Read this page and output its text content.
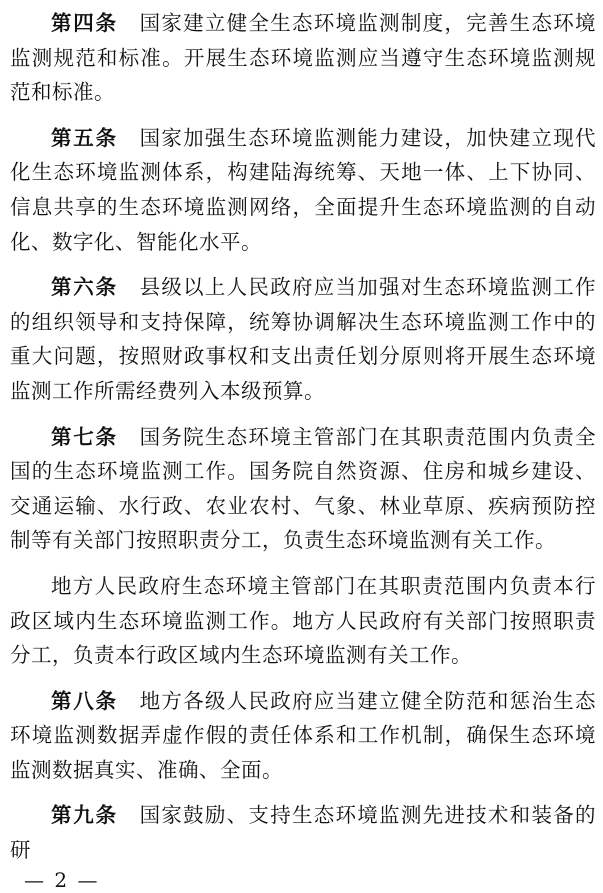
第四条  国家建立健全生态环境监测制度，完善生态环境监测规范和标准。开展生态环境监测应当遵守生态环境监测规范和标准。

第五条  国家加强生态环境监测能力建设，加快建立现代化生态环境监测体系，构建陆海统筹、天地一体、上下协同、信息共享的生态环境监测网络，全面提升生态环境监测的自动化、数字化、智能化水平。

第六条  县级以上人民政府应当加强对生态环境监测工作的组织领导和支持保障，统筹协调解决生态环境监测工作中的重大问题，按照财政事权和支出责任划分原则将开展生态环境监测工作所需经费列入本级预算。

第七条  国务院生态环境主管部门在其职责范围内负责全国的生态环境监测工作。国务院自然资源、住房和城乡建设、交通运输、水行政、农业农村、气象、林业草原、疾病预防控制等有关部门按照职责分工，负责生态环境监测有关工作。

地方人民政府生态环境主管部门在其职责范围内负责本行政区域内生态环境监测工作。地方人民政府有关部门按照职责分工，负责本行政区域内生态环境监测有关工作。

第八条  地方各级人民政府应当建立健全防范和惩治生态环境监测数据弄虚作假的责任体系和工作机制，确保生态环境监测数据真实、准确、全面。

第九条  国家鼓励、支持生态环境监测先进技术和装备的研

— 2 —
